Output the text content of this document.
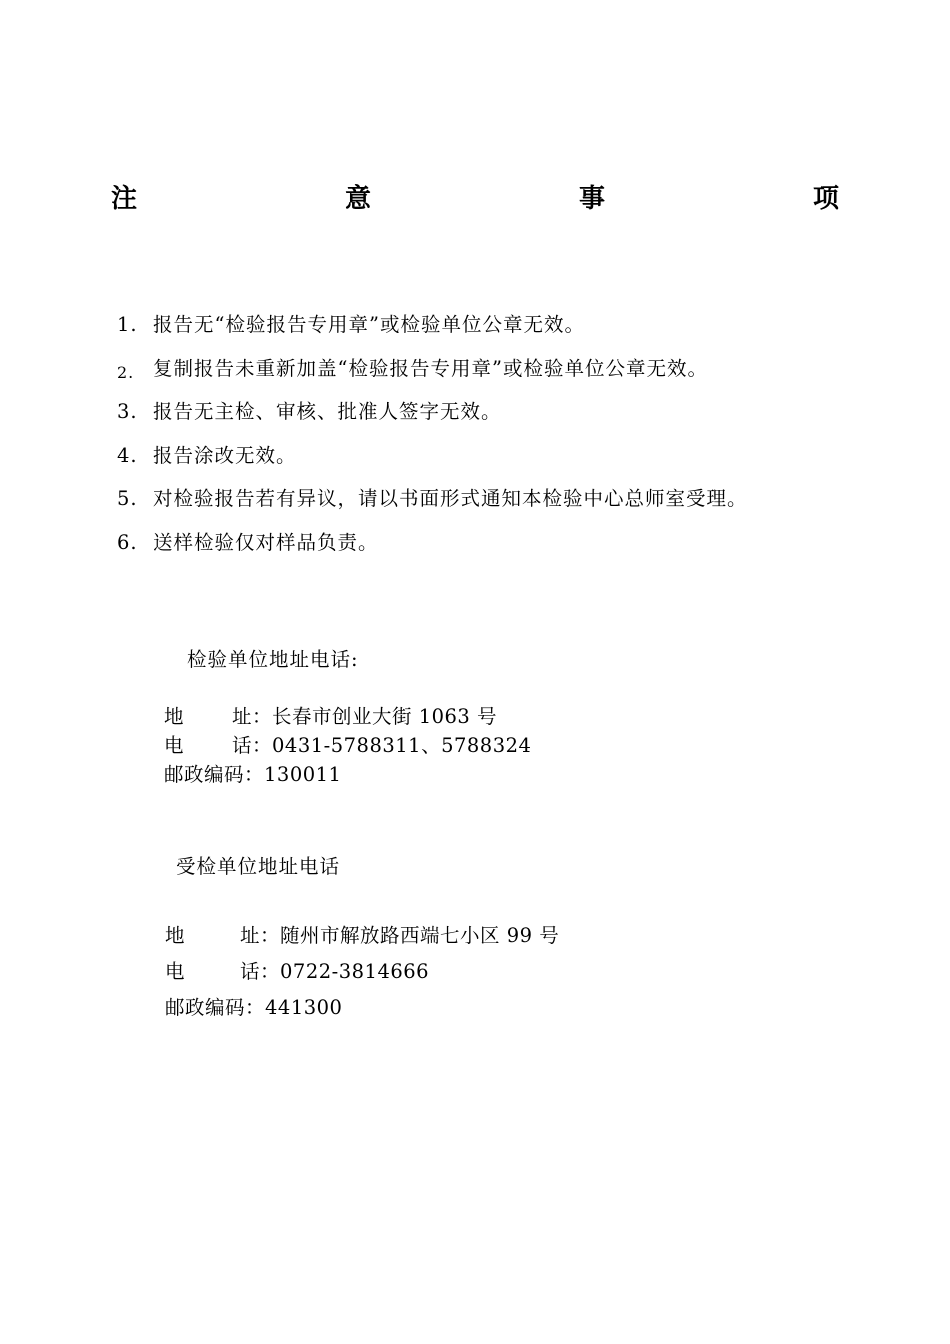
注　　意　　事　　项
1. 报告无“检验报告专用章”或检验单位公章无效。
2. 复制报告未重新加盖“检验报告专用章”或检验单位公章无效。
3. 报告无主检、审核、批准人签字无效。
4. 报告涂改无效。
5. 对检验报告若有异议，请以书面形式通知本检验中心总师室受理。
6. 送样检验仅对样品负责。
检验单位地址电话:
地	址： 长春市创业大街 1063 号
电	话： 0431-5788311、5788324
邮政编码： 130011
受检单位地址电话
地	址： 随州市解放路西端七小区 99 号
电	话： 0722-3814666
邮政编码： 441300
